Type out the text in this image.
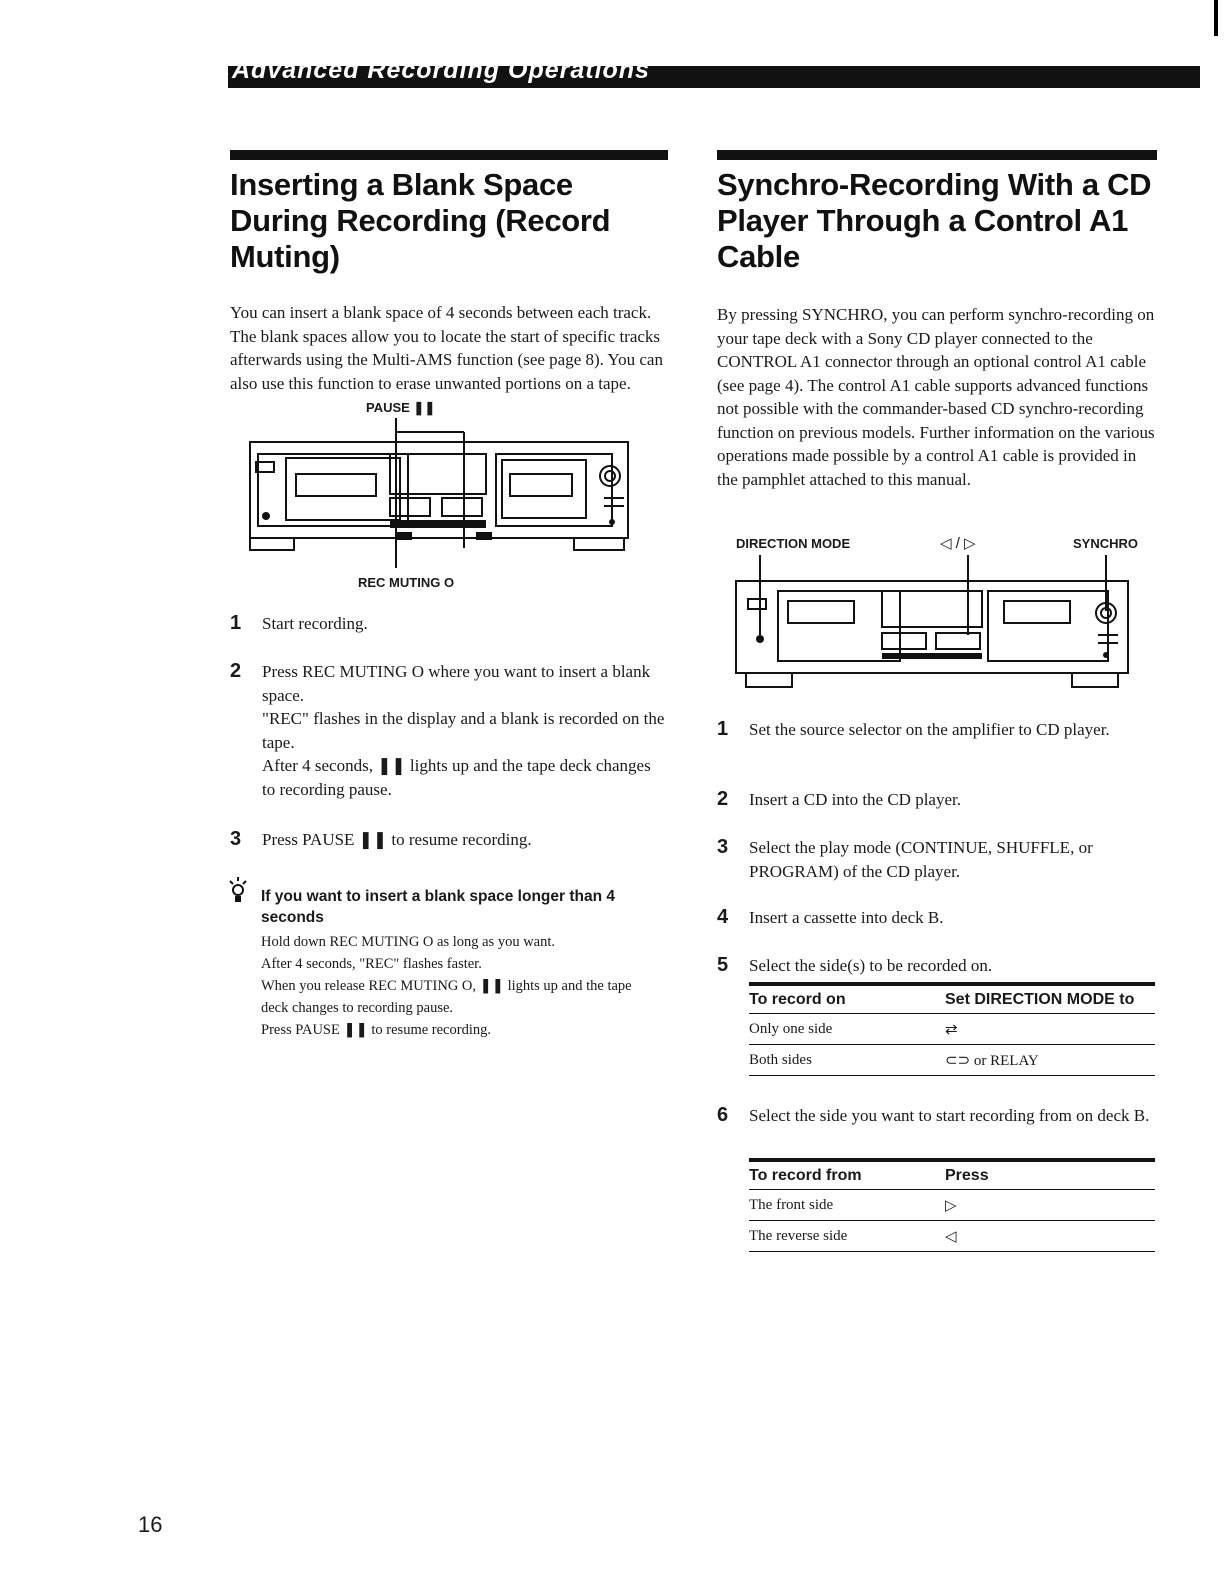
Advanced Recording Operations
Inserting a Blank Space During Recording (Record Muting)

You can insert a blank space of 4 seconds between each track. The blank spaces allow you to locate the start of specific tracks afterwards using the Multi-AMS function (see page 8). You can also use this function to erase unwanted portions on a tape.

PAUSE ❚❚
REC MUTING O
1	Start recording.
2	Press REC MUTING O where you want to insert a blank space.
"REC" flashes in the display and a blank is recorded on the tape.
After 4 seconds, ❚❚ lights up and the tape deck changes to recording pause.
3	Press PAUSE ❚❚ to resume recording.
If you want to insert a blank space longer than 4 seconds
Hold down REC MUTING O as long as you want.
After 4 seconds, "REC" flashes faster.
When you release REC MUTING O, ❚❚ lights up and the tape deck changes to recording pause.
Press PAUSE ❚❚ to resume recording.
Synchro-Recording With a CD Player Through a Control A1 Cable

By pressing SYNCHRO, you can perform synchro-recording on your tape deck with a Sony CD player connected to the CONTROL A1 connector through an optional control A1 cable (see page 4). The control A1 cable supports advanced functions not possible with the commander-based CD synchro-recording function on previous models. Further information on the various operations made possible by a control A1 cable is provided in the pamphlet attached to this manual.

DIRECTION MODE	◁ / ▷	SYNCHRO
1	Set the source selector on the amplifier to CD player.
2	Insert a CD into the CD player.
3	Select the play mode (CONTINUE, SHUFFLE, or PROGRAM) of the CD player.
4	Insert a cassette into deck B.
5	Select the side(s) to be recorded on.
To record on	Set DIRECTION MODE to
Only one side	⇄
Both sides	⊂⊃ or RELAY
6	Select the side you want to start recording from on deck B.
To record from	Press
The front side	▷
The reverse side	◁
16
